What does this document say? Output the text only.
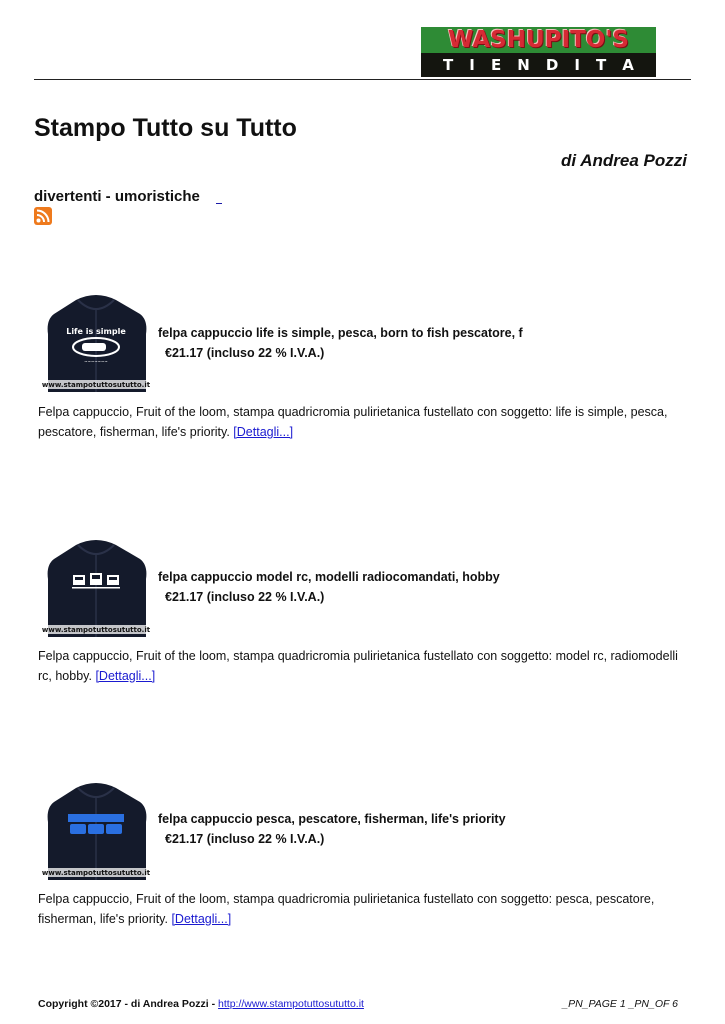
WASHUPITO'S
T I E N D I T A
Stampo Tutto su Tutto
di Andrea Pozzi
divertenti - umoristiche
Life is simple
~~~~~~~
www.stampotuttosututto.it
felpa cappuccio life is simple, pesca, born to fish pescatore, f
€21.17 (incluso 22 % I.V.A.)

Felpa cappuccio, Fruit of the loom, stampa quadricromia pulirietanica fustellato con soggetto: life is simple, pesca, pescatore, fisherman, life's priority. [Dettagli...]

www.stampotuttosututto.it
felpa cappuccio model rc, modelli radiocomandati, hobby
€21.17 (incluso 22 % I.V.A.)

Felpa cappuccio, Fruit of the loom, stampa quadricromia pulirietanica fustellato con soggetto: model rc, radiomodelli rc, hobby. [Dettagli...]

www.stampotuttosututto.it
felpa cappuccio pesca, pescatore, fisherman, life's priority
€21.17 (incluso 22 % I.V.A.)

Felpa cappuccio, Fruit of the loom, stampa quadricromia pulirietanica fustellato con soggetto: pesca, pescatore, fisherman, life's priority. [Dettagli...]

Copyright ©2017 - di Andrea Pozzi - http://www.stampotuttosututto.it	_PN_PAGE 1 _PN_OF 6
